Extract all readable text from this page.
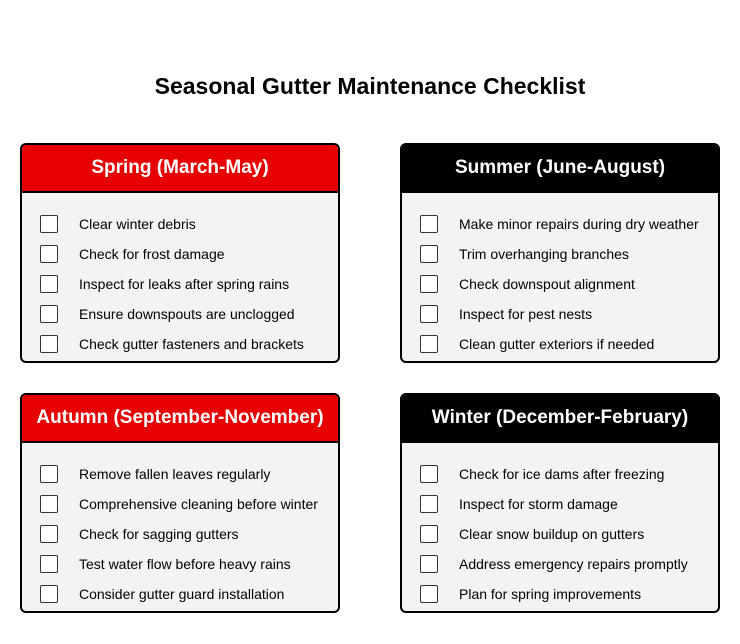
Seasonal Gutter Maintenance Checklist
Spring (March-May)
Clear winter debris
Check for frost damage
Inspect for leaks after spring rains
Ensure downspouts are unclogged
Check gutter fasteners and brackets
Summer (June-August)
Make minor repairs during dry weather
Trim overhanging branches
Check downspout alignment
Inspect for pest nests
Clean gutter exteriors if needed
Autumn (September-November)
Remove fallen leaves regularly
Comprehensive cleaning before winter
Check for sagging gutters
Test water flow before heavy rains
Consider gutter guard installation
Winter (December-February)
Check for ice dams after freezing
Inspect for storm damage
Clear snow buildup on gutters
Address emergency repairs promptly
Plan for spring improvements
